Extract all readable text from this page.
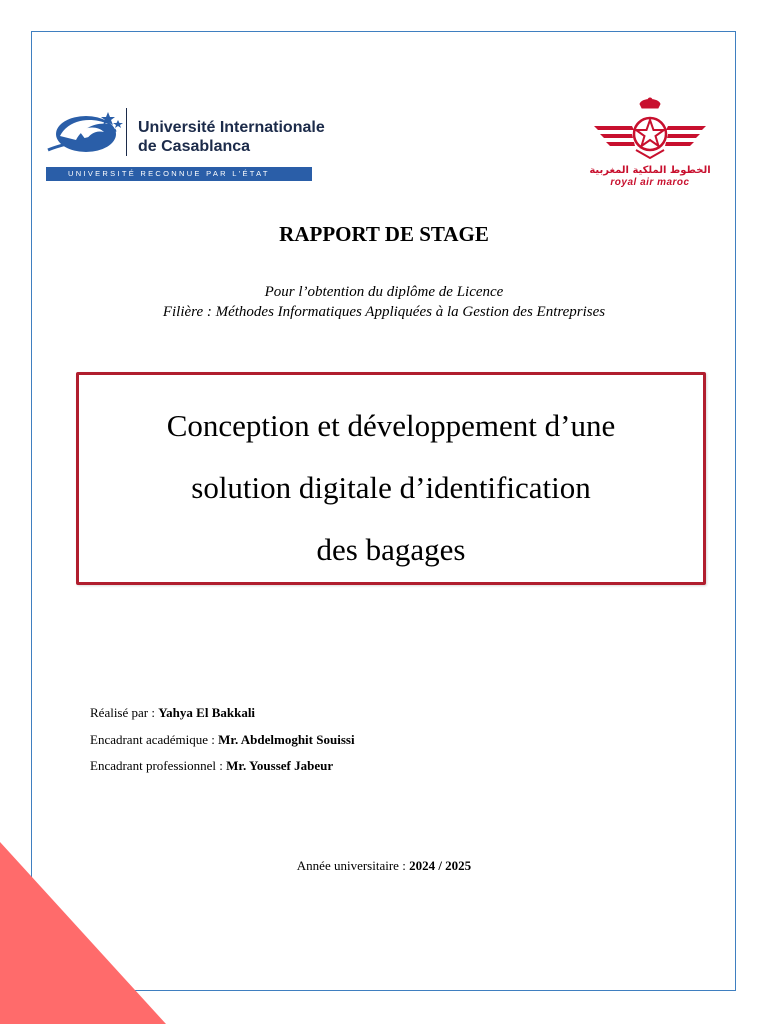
Université Internationale
de Casablanca
UNIVERSITÉ RECONNUE PAR L'ÉTAT	الخطوط الملكية المغربية
royal air maroc
RAPPORT DE STAGE
Pour l’obtention du diplôme de Licence
Filière : Méthodes Informatiques Appliquées à la Gestion des Entreprises
Conception et développement d’une
solution digitale d’identification
des bagages
Réalisé par : Yahya El Bakkali
Encadrant académique : Mr. Abdelmoghit Souissi
Encadrant professionnel : Mr. Youssef Jabeur
Année universitaire : 2024 / 2025
